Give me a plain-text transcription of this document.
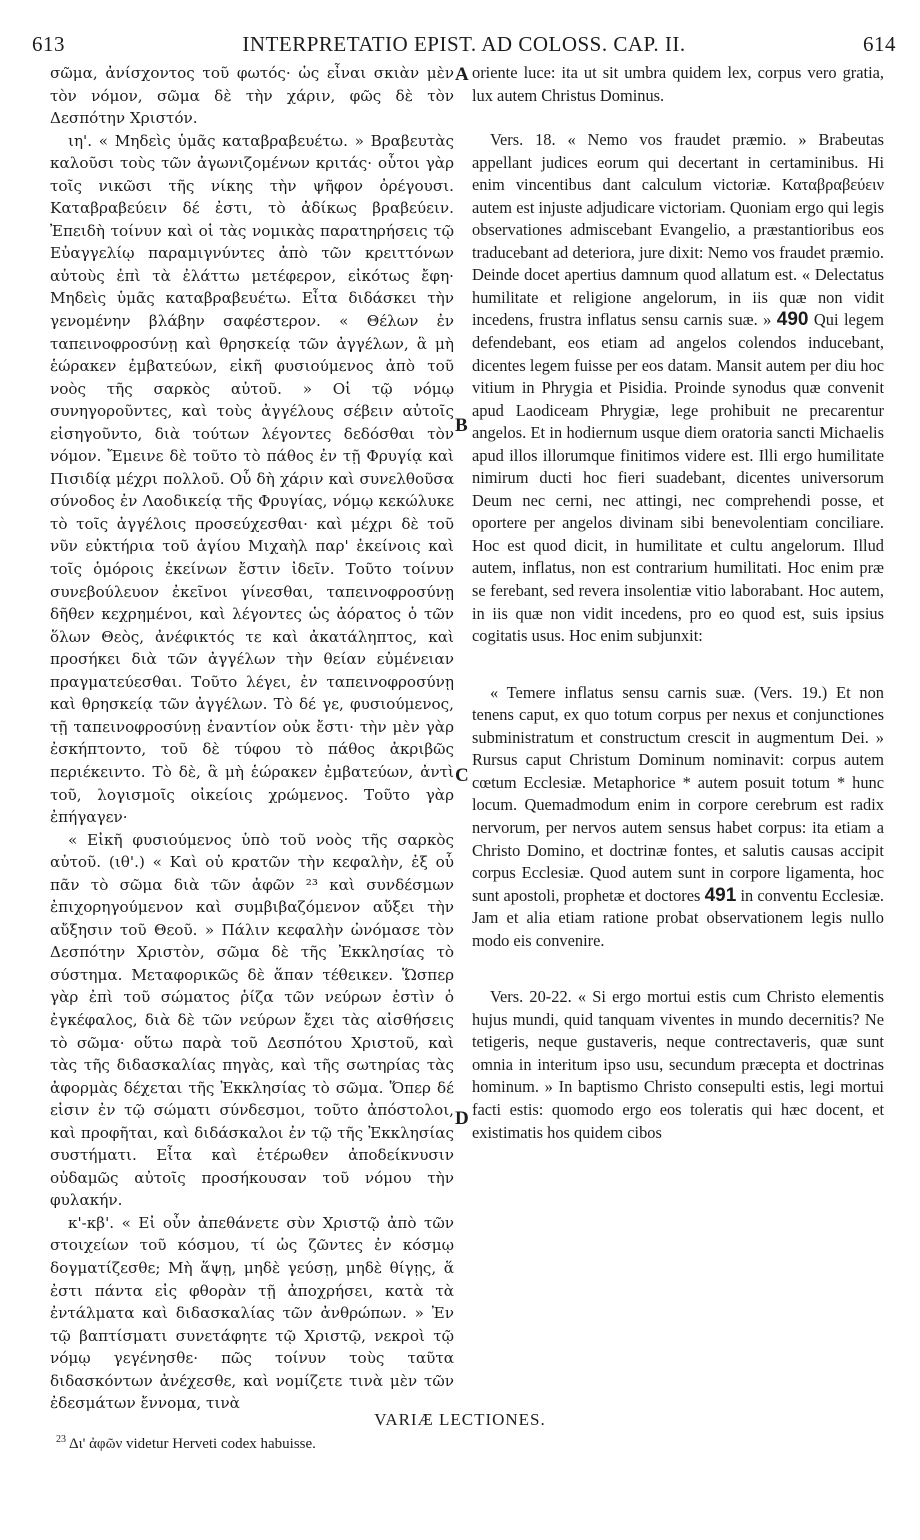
613	INTERPRETATIO EPIST. AD COLOSS. CAP. II.	614

σῶμα, ἀνίσχοντος τοῦ φωτός· ὡς εἶναι σκιὰν μὲν τὸν νόμον, σῶμα δὲ τὴν χάριν, φῶς δὲ τὸν Δεσπότην Χριστόν.

ιη'. « Μηδεὶς ὑμᾶς καταβραβευέτω. » Βραβευτὰς καλοῦσι τοὺς τῶν ἀγωνιζομένων κριτάς· οὗτοι γὰρ τοῖς νικῶσι τῆς νίκης τὴν ψῆφον ὀρέγουσι. Καταβραβεύειν δέ ἐστι, τὸ ἀδίκως βραβεύειν. Ἐπειδὴ τοίνυν καὶ οἱ τὰς νομικὰς παρατηρήσεις τῷ Εὐαγγελίῳ παραμιγνύντες ἀπὸ τῶν κρειττόνων αὐτοὺς ἐπὶ τὰ ἐλάττω μετέφερον, εἰκότως ἔφη· Μηδεὶς ὑμᾶς καταβραβευέτω. Εἶτα διδάσκει τὴν γενομένην βλάβην σαφέστερον. « Θέλων ἐν ταπεινοφροσύνῃ καὶ θρησκείᾳ τῶν ἀγγέλων, ἃ μὴ ἑώρακεν ἐμβατεύων, εἰκῆ φυσιούμενος ἀπὸ τοῦ νοὸς τῆς σαρκὸς αὐτοῦ. » Οἱ τῷ νόμῳ συνηγοροῦντες, καὶ τοὺς ἀγγέλους σέβειν αὐτοῖς εἰσηγοῦντο, διὰ τούτων λέγοντες δεδόσθαι τὸν νόμον. Ἔμεινε δὲ τοῦτο τὸ πάθος ἐν τῇ Φρυγίᾳ καὶ Πισιδίᾳ μέχρι πολλοῦ. Οὗ δὴ χάριν καὶ συνελθοῦσα σύνοδος ἐν Λαοδικείᾳ τῆς Φρυγίας, νόμῳ κεκώλυκε τὸ τοῖς ἀγγέλοις προσεύχεσθαι· καὶ μέχρι δὲ τοῦ νῦν εὐκτήρια τοῦ ἁγίου Μιχαὴλ παρ' ἐκείνοις καὶ τοῖς ὁμόροις ἐκείνων ἔστιν ἰδεῖν. Τοῦτο τοίνυν συνεβούλευον ἐκεῖνοι γίνεσθαι, ταπεινοφροσύνῃ δῆθεν κεχρημένοι, καὶ λέγοντες ὡς ἀόρατος ὁ τῶν ὅλων Θεὸς, ἀνέφικτός τε καὶ ἀκατάληπτος, καὶ προσήκει διὰ τῶν ἀγγέλων τὴν θείαν εὐμένειαν πραγματεύεσθαι. Τοῦτο λέγει, ἐν ταπεινοφροσύνῃ καὶ θρησκείᾳ τῶν ἀγγέλων. Τὸ δέ γε, φυσιούμενος, τῇ ταπεινοφροσύνῃ ἐναντίον οὐκ ἔστι· τὴν μὲν γὰρ ἐσκήπτοντο, τοῦ δὲ τύφου τὸ πάθος ἀκριβῶς περιέκειντο. Τὸ δὲ, ἃ μὴ ἑώρακεν ἐμβατεύων, ἀντὶ τοῦ, λογισμοῖς οἰκείοις χρώμενος. Τοῦτο γὰρ ἐπήγαγεν·

« Εἰκῆ φυσιούμενος ὑπὸ τοῦ νοὸς τῆς σαρκὸς αὐτοῦ. (ιθ'.) « Καὶ οὐ κρατῶν τὴν κεφαλὴν, ἐξ οὗ πᾶν τὸ σῶμα διὰ τῶν ἀφῶν ²³ καὶ συνδέσμων ἐπιχορηγούμενον καὶ συμβιβαζόμενον αὔξει τὴν αὔξησιν τοῦ Θεοῦ. » Πάλιν κεφαλὴν ὠνόμασε τὸν Δεσπότην Χριστὸν, σῶμα δὲ τῆς Ἐκκλησίας τὸ σύστημα. Μεταφορικῶς δὲ ἅπαν τέθεικεν. Ὥσπερ γὰρ ἐπὶ τοῦ σώματος ῥίζα τῶν νεύρων ἐστὶν ὁ ἐγκέφαλος, διὰ δὲ τῶν νεύρων ἔχει τὰς αἰσθήσεις τὸ σῶμα· οὕτω παρὰ τοῦ Δεσπότου Χριστοῦ, καὶ τὰς τῆς διδασκαλίας πηγὰς, καὶ τῆς σωτηρίας τὰς ἀφορμὰς δέχεται τῆς Ἐκκλησίας τὸ σῶμα. Ὅπερ δέ εἰσιν ἐν τῷ σώματι σύνδεσμοι, τοῦτο ἀπόστολοι, καὶ προφῆται, καὶ διδάσκαλοι ἐν τῷ τῆς Ἐκκλησίας συστήματι. Εἶτα καὶ ἑτέρωθεν ἀποδείκνυσιν οὐδαμῶς αὐτοῖς προσήκουσαν τοῦ νόμου τὴν φυλακήν.

κ'-κβ'. « Εἰ οὖν ἀπεθάνετε σὺν Χριστῷ ἀπὸ τῶν στοιχείων τοῦ κόσμου, τί ὡς ζῶντες ἐν κόσμῳ δογματίζεσθε; Μὴ ἅψῃ, μηδὲ γεύσῃ, μηδὲ θίγῃς, ἅ ἐστι πάντα εἰς φθορὰν τῇ ἀποχρήσει, κατὰ τὰ ἐντάλματα καὶ διδασκαλίας τῶν ἀνθρώπων. » Ἐν τῷ βαπτίσματι συνετάφητε τῷ Χριστῷ, νεκροὶ τῷ νόμῳ γεγένησθε· πῶς τοίνυν τοὺς ταῦτα διδασκόντων ἀνέχεσθε, καὶ νομίζετε τινὰ μὲν τῶν ἐδεσμάτων ἔννομα, τινὰ

oriente luce: ita ut sit umbra quidem lex, corpus vero gratia, lux autem Christus Dominus.

Vers. 18. « Nemo vos fraudet præmio. » Brabeutas appellant judices eorum qui decertant in certaminibus. Hi enim vincentibus dant calculum victoriæ. Καταβραβεύειν autem est injuste adjudicare victoriam. Quoniam ergo qui legis observationes admiscebant Evangelio, a præstantioribus eos traducebant ad deteriora, jure dixit: Nemo vos fraudet præmio. Deinde docet apertius damnum quod allatum est. « Delectatus humilitate et religione angelorum, in iis quæ non vidit incedens, frustra inflatus sensu carnis suæ. » 490 Qui legem defendebant, eos etiam ad angelos colendos inducebant, dicentes legem fuisse per eos datam. Mansit autem per diu hoc vitium in Phrygia et Pisidia. Proinde synodus quæ convenit apud Laodiceam Phrygiæ, lege prohibuit ne precarentur angelos. Et in hodiernum usque diem oratoria sancti Michaelis apud illos illorumque finitimos videre est. Illi ergo humilitate nimirum ducti hoc fieri suadebant, dicentes universorum Deum nec cerni, nec attingi, nec comprehendi posse, et oportere per angelos divinam sibi benevolentiam conciliare. Hoc est quod dicit, in humilitate et cultu angelorum. Illud autem, inflatus, non est contrarium humilitati. Hoc enim præ se ferebant, sed revera insolentiæ vitio laborabant. Hoc autem, in iis quæ non vidit incedens, pro eo quod est, suis ipsius cogitatis usus. Hoc enim subjunxit:

« Temere inflatus sensu carnis suæ. (Vers. 19.) Et non tenens caput, ex quo totum corpus per nexus et conjunctiones subministratum et constructum crescit in augmentum Dei. » Rursus caput Christum Dominum nominavit: corpus autem cœtum Ecclesiæ. Metaphorice * autem posuit totum * hunc locum. Quemadmodum enim in corpore cerebrum est radix nervorum, per nervos autem sensus habet corpus: ita etiam a Christo Domino, et doctrinæ fontes, et salutis causas accipit corpus Ecclesiæ. Quod autem sunt in corpore ligamenta, hoc sunt apostoli, prophetæ et doctores 491 in conventu Ecclesiæ. Jam et alia etiam ratione probat observationem legis nullo modo eis convenire.

Vers. 20-22. « Si ergo mortui estis cum Christo elementis hujus mundi, quid tanquam viventes in mundo decernitis? Ne tetigeris, neque gustaveris, neque contrectaveris, quæ sunt omnia in interitum ipso usu, secundum præcepta et doctrinas hominum. » In baptismo Christo consepulti estis, legi mortui facti estis: quomodo ergo eos toleratis qui hæc docent, et existimatis hos quidem cibos

A
B
C
D
VARIÆ LECTIONES.
$^{23}$ Δι' ἀφῶν videtur Herveti codex habuisse.
